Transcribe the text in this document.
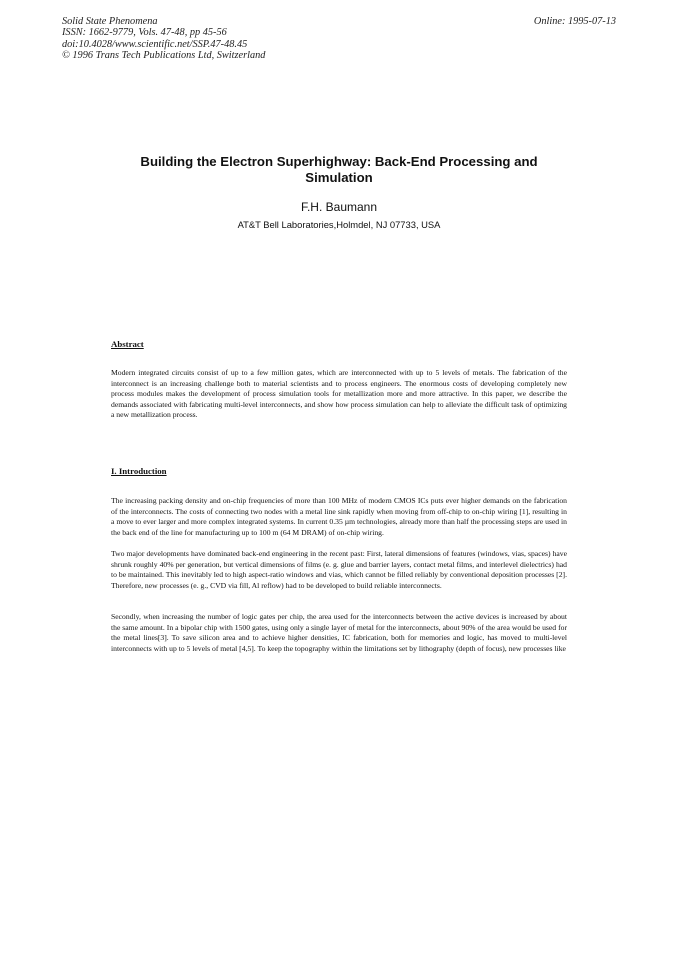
Solid State Phenomena
ISSN: 1662-9779, Vols. 47-48, pp 45-56
doi:10.4028/www.scientific.net/SSP.47-48.45
© 1996 Trans Tech Publications Ltd, Switzerland
Online: 1995-07-13
Building the Electron Superhighway: Back-End Processing and
Simulation
F.H. Baumann
AT&T Bell Laboratories,Holmdel, NJ 07733, USA
Abstract

Modern integrated circuits consist of up to a few million gates, which are interconnected with up to 5 levels of metals. The fabrication of the interconnect is an increasing challenge both to material scientists and to process engineers. The enormous costs of developing completely new process modules makes the development of process simulation tools for metallization more and more attractive. In this paper, we describe the demands associated with fabricating multi-level interconnects, and show how process simulation can help to alleviate the difficult task of optimizing a new metallization process.

I. Introduction

The increasing packing density and on-chip frequencies of more than 100 MHz of modern CMOS ICs puts ever higher demands on the fabrication of the interconnects. The costs of connecting two nodes with a metal line sink rapidly when moving from off-chip to on-chip wiring [1], resulting in a move to ever larger and more complex integrated systems. In current 0.35 µm technologies, already more than half the processing steps are used in the back end of the line for manufacturing up to 100 m (64 M DRAM) of on-chip wiring.

Two major developments have dominated back-end engineering in the recent past: First, lateral dimensions of features (windows, vias, spaces) have shrunk roughly 40% per generation, but vertical dimensions of films (e. g. glue and barrier layers, contact metal films, and interlevel dielectrics) had to be maintained. This inevitably led to high aspect-ratio windows and vias, which cannot be filled reliably by conventional deposition processes [2]. Therefore, new processes (e. g., CVD via fill, Al reflow) had to be developed to build reliable interconnects.

Secondly, when increasing the number of logic gates per chip, the area used for the interconnects between the active devices is increased by about the same amount. In a bipolar chip with 1500 gates, using only a single layer of metal for the interconnects, about 90% of the area would be used for the metal lines[3]. To save silicon area and to achieve higher densities, IC fabrication, both for memories and logic, has moved to multi-level interconnects with up to 5 levels of metal [4,5]. To keep the topography within the limitations set by lithography (depth of focus), new processes like
